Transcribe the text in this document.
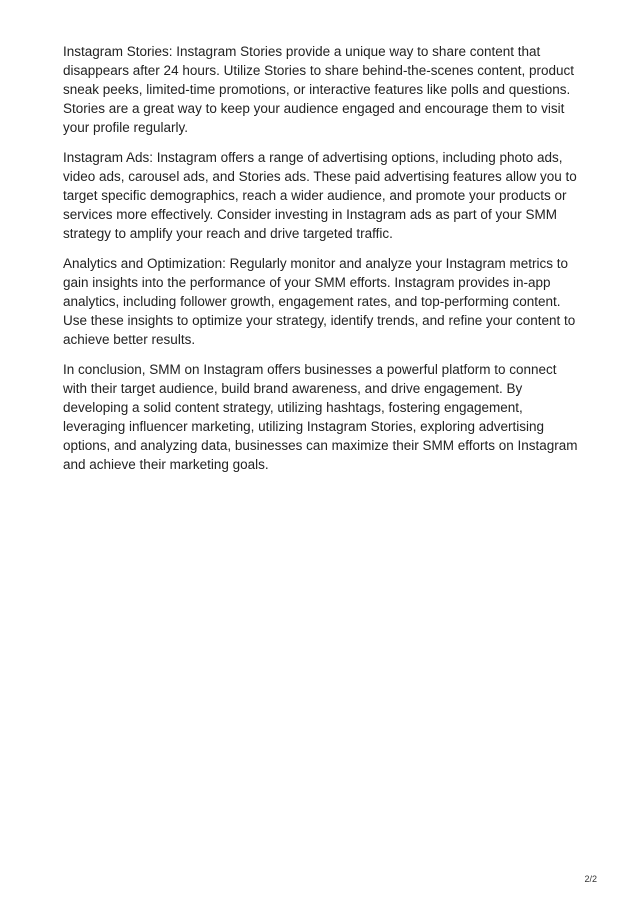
Instagram Stories: Instagram Stories provide a unique way to share content that disappears after 24 hours. Utilize Stories to share behind-the-scenes content, product sneak peeks, limited-time promotions, or interactive features like polls and questions. Stories are a great way to keep your audience engaged and encourage them to visit your profile regularly.

Instagram Ads: Instagram offers a range of advertising options, including photo ads, video ads, carousel ads, and Stories ads. These paid advertising features allow you to target specific demographics, reach a wider audience, and promote your products or services more effectively. Consider investing in Instagram ads as part of your SMM strategy to amplify your reach and drive targeted traffic.

Analytics and Optimization: Regularly monitor and analyze your Instagram metrics to gain insights into the performance of your SMM efforts. Instagram provides in-app analytics, including follower growth, engagement rates, and top-performing content. Use these insights to optimize your strategy, identify trends, and refine your content to achieve better results.

In conclusion, SMM on Instagram offers businesses a powerful platform to connect with their target audience, build brand awareness, and drive engagement. By developing a solid content strategy, utilizing hashtags, fostering engagement, leveraging influencer marketing, utilizing Instagram Stories, exploring advertising options, and analyzing data, businesses can maximize their SMM efforts on Instagram and achieve their marketing goals.

2/2
